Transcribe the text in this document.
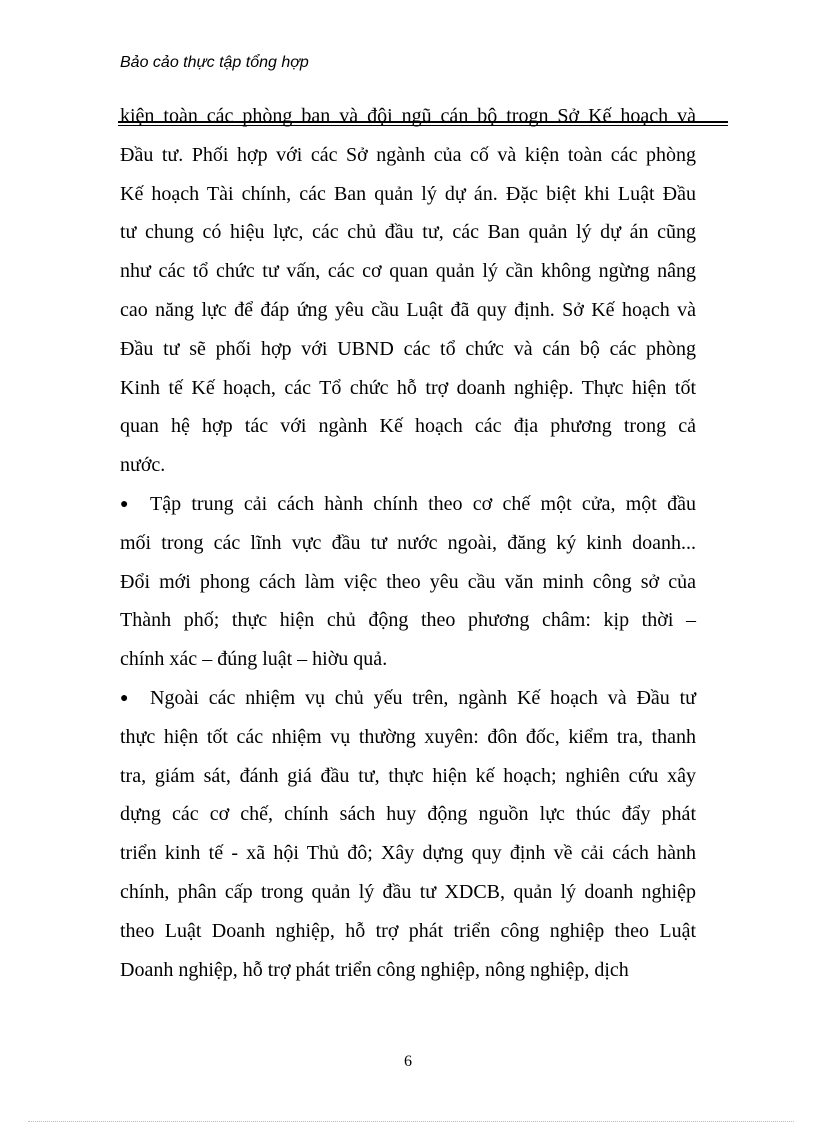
Bảo cảo thực tập tổng hợp
kiện toàn các phòng ban và đội ngũ cán bộ trogn Sở Kế hoạch và
Đầu tư. Phối hợp với các Sở ngành của cố và kiện toàn các phòng
Kế hoạch Tài chính, các Ban quản lý dự án. Đặc biệt khi Luật Đầu
tư chung có hiệu lực, các chủ đầu tư, các Ban quản lý dự án cũng
như các tổ chức tư vấn, các cơ quan quản lý cần không ngừng nâng
cao năng lực để đáp ứng yêu cầu Luật đã quy định. Sở Kế hoạch và
Đầu tư sẽ phối hợp với UBND các tổ chức và cán bộ các phòng
Kinh tế Kế hoạch, các Tổ chức hỗ trợ doanh nghiệp. Thực hiện tốt
quan hệ hợp tác với ngành Kế hoạch các địa phương trong cả
nước.
● Tập trung cải cách hành chính theo cơ chế một cửa, một đầu
mối trong các lĩnh vực đầu tư nước ngoài, đăng ký kinh doanh...
Đổi mới phong cách làm việc theo yêu cầu văn minh công sở của
Thành phố; thực hiện chủ động theo phương châm: kịp thời –
chính xác – đúng luật – hiờu quả.
● Ngoài các nhiệm vụ chủ yếu trên, ngành Kế hoạch và Đầu tư
thực hiện tốt các nhiệm vụ thường xuyên: đôn đốc, kiểm tra, thanh
tra, giám sát, đánh giá đầu tư, thực hiện kế hoạch; nghiên cứu xây
dựng các cơ chế, chính sách huy động nguồn lực thúc đẩy phát
triển kinh tế - xã hội Thủ đô; Xây dựng quy định về cải cách hành
chính, phân cấp trong quản lý đầu tư XDCB, quản lý doanh nghiệp
theo Luật Doanh nghiệp, hỗ trợ phát triển công nghiệp theo Luật
Doanh nghiệp, hỗ trợ phát triển công nghiệp, nông nghiệp, dịch
6
